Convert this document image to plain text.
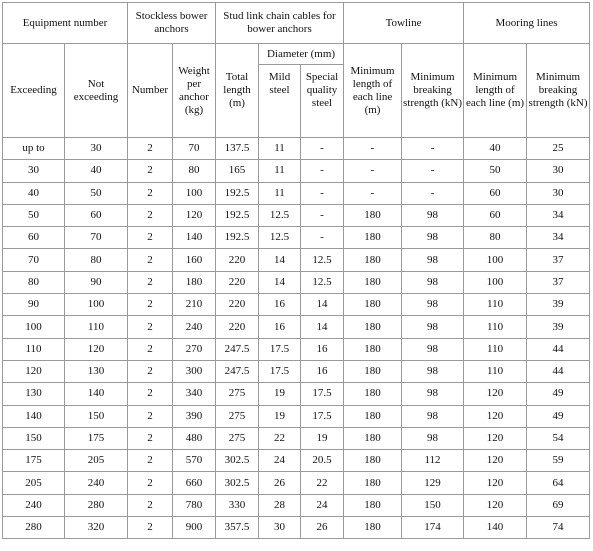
Equipment number		Stockless bower anchors		Stud link chain cables for bower anchors			Towline		Mooring lines	
Exceeding	Not exceeding	Number	Weight per anchor (kg)	Total length (m)	Diameter (mm)		Minimum length of each line (m)	Minimum breaking strength (kN)	Minimum length of each line (m)	Minimum breaking strength (kN)
					Mild steel	Special quality steel				
up to	30	2	70	137.5	11	-	-	-	40	25
30	40	2	80	165	11	-	-	-	50	30
40	50	2	100	192.5	11	-	-	-	60	30
50	60	2	120	192.5	12.5	-	180	98	60	34
60	70	2	140	192.5	12.5	-	180	98	80	34
70	80	2	160	220	14	12.5	180	98	100	37
80	90	2	180	220	14	12.5	180	98	100	37
90	100	2	210	220	16	14	180	98	110	39
100	110	2	240	220	16	14	180	98	110	39
110	120	2	270	247.5	17.5	16	180	98	110	44
120	130	2	300	247.5	17.5	16	180	98	110	44
130	140	2	340	275	19	17.5	180	98	120	49
140	150	2	390	275	19	17.5	180	98	120	49
150	175	2	480	275	22	19	180	98	120	54
175	205	2	570	302.5	24	20.5	180	112	120	59
205	240	2	660	302.5	26	22	180	129	120	64
240	280	2	780	330	28	24	180	150	120	69
280	320	2	900	357.5	30	26	180	174	140	74
